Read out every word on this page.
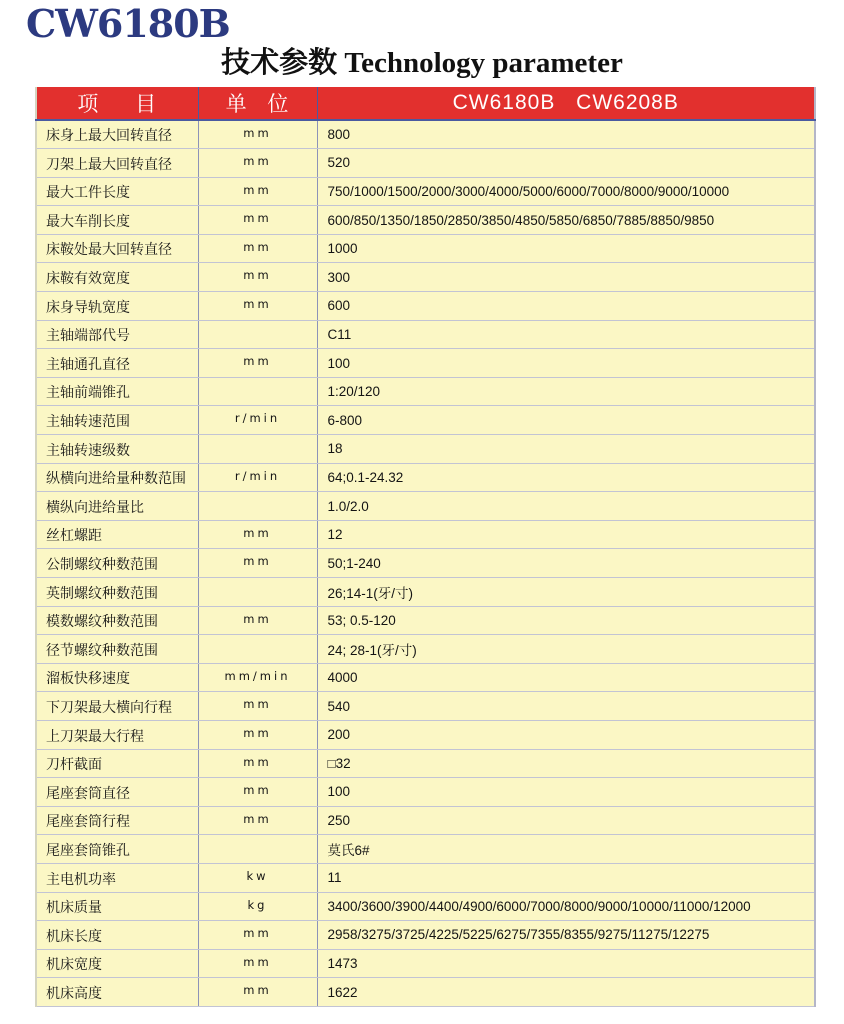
CW6180B
技术参数 Technology parameter
项 目	单 位	CW6180B CW6208B
床身上最大回转直径	mm	800
刀架上最大回转直径	mm	520
最大工件长度	mm	750/1000/1500/2000/3000/4000/5000/6000/7000/8000/9000/10000
最大车削长度	mm	600/850/1350/1850/2850/3850/4850/5850/6850/7885/8850/9850
床鞍处最大回转直径	mm	1000
床鞍有效宽度	mm	300
床身导轨宽度	mm	600
主轴端部代号		C11
主轴通孔直径	mm	100
主轴前端锥孔		1:20/120
主轴转速范围	r/min	6-800
主轴转速级数		18
纵横向进给量种数范围	r/min	64;0.1-24.32
横纵向进给量比		1.0/2.0
丝杠螺距	mm	12
公制螺纹种数范围	mm	50;1-240
英制螺纹种数范围		26;14-1(牙/寸)
模数螺纹种数范围	mm	53; 0.5-120
径节螺纹种数范围		24; 28-1(牙/寸)
溜板快移速度	mm/min	4000
下刀架最大横向行程	mm	540
上刀架最大行程	mm	200
刀杆截面	mm	□32
尾座套筒直径	mm	100
尾座套筒行程	mm	250
尾座套筒锥孔		莫氏6#
主电机功率	kw	11
机床质量	kg	3400/3600/3900/4400/4900/6000/7000/8000/9000/10000/11000/12000
机床长度	mm	2958/3275/3725/4225/5225/6275/7355/8355/9275/11275/12275
机床宽度	mm	1473
机床高度	mm	1622
